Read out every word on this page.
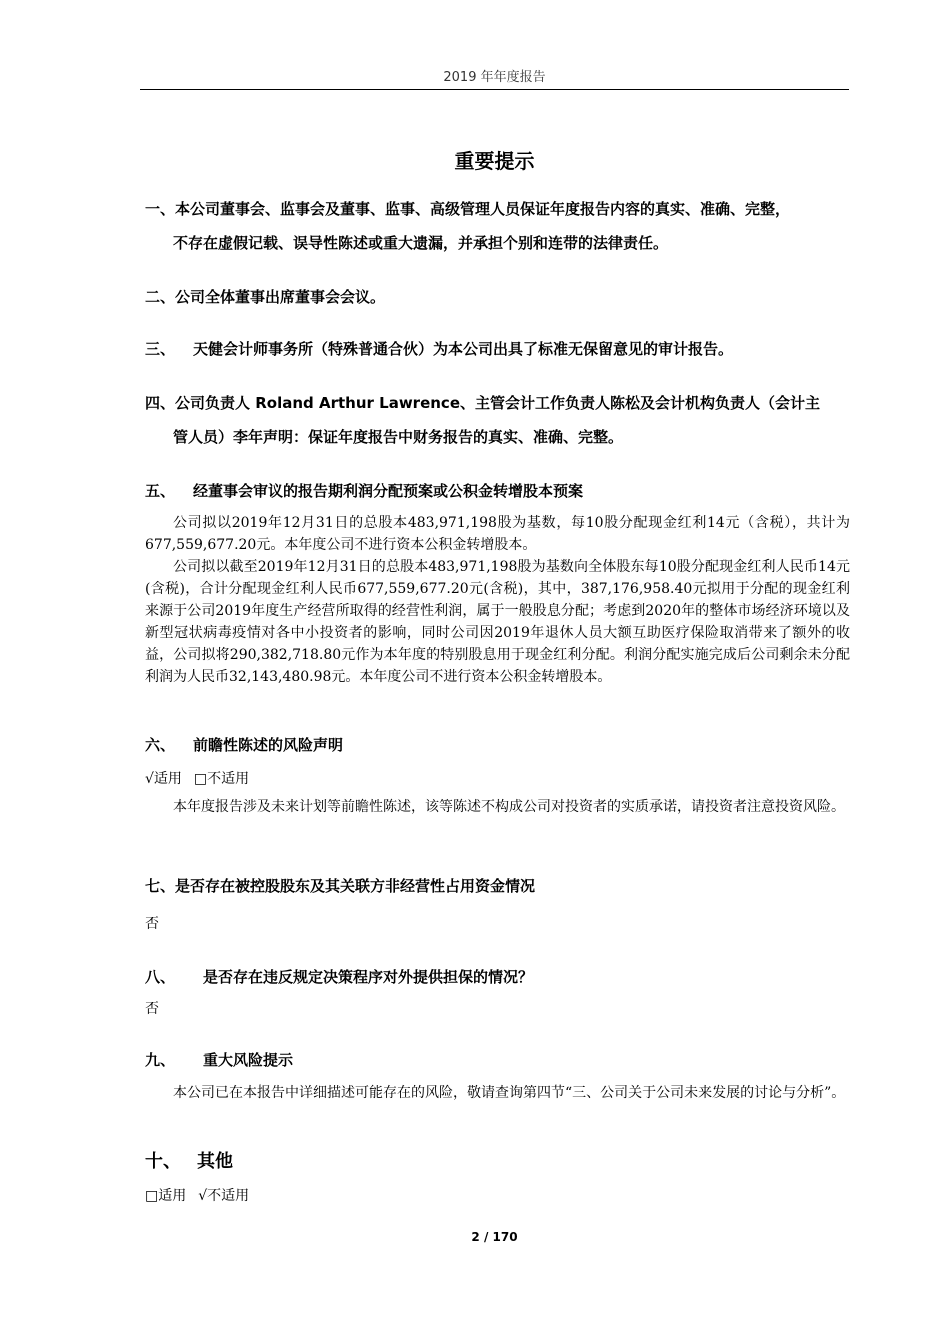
2019 年年度报告
重要提示
一、本公司董事会、监事会及董事、监事、高级管理人员保证年度报告内容的真实、准确、完整，
不存在虚假记载、误导性陈述或重大遗漏，并承担个别和连带的法律责任。
二、公司全体董事出席董事会会议。
三、 天健会计师事务所（特殊普通合伙）为本公司出具了标准无保留意见的审计报告。
四、公司负责人 Roland Arthur Lawrence、主管会计工作负责人陈松及会计机构负责人（会计主
管人员）李年声明：保证年度报告中财务报告的真实、准确、完整。
五、 经董事会审议的报告期利润分配预案或公积金转增股本预案
公司拟以2019年12月31日的总股本483,971,198股为基数，每10股分配现金红利14元（含税），共计为677,559,677.20元。本年度公司不进行资本公积金转增股本。
公司拟以截至2019年12月31日的总股本483,971,198股为基数向全体股东每10股分配现金红利人民币14元(含税)，合计分配现金红利人民币677,559,677.20元(含税)，其中，387,176,958.40元拟用于分配的现金红利来源于公司2019年度生产经营所取得的经营性利润，属于一般股息分配；考虑到2020年的整体市场经济环境以及新型冠状病毒疫情对各中小投资者的影响，同时公司因2019年退休人员大额互助医疗保险取消带来了额外的收益，公司拟将290,382,718.80元作为本年度的特别股息用于现金红利分配。利润分配实施完成后公司剩余未分配利润为人民币32,143,480.98元。本年度公司不进行资本公积金转增股本。
六、 前瞻性陈述的风险声明
√适用 □不适用
本年度报告涉及未来计划等前瞻性陈述，该等陈述不构成公司对投资者的实质承诺，请投资者注意投资风险。
七、是否存在被控股股东及其关联方非经营性占用资金情况
否
八、 是否存在违反规定决策程序对外提供担保的情况？
否
九、 重大风险提示
本公司已在本报告中详细描述可能存在的风险，敬请查询第四节“三、公司关于公司未来发展的讨论与分析”。
十、 其他
□适用 √不适用
2 / 170
